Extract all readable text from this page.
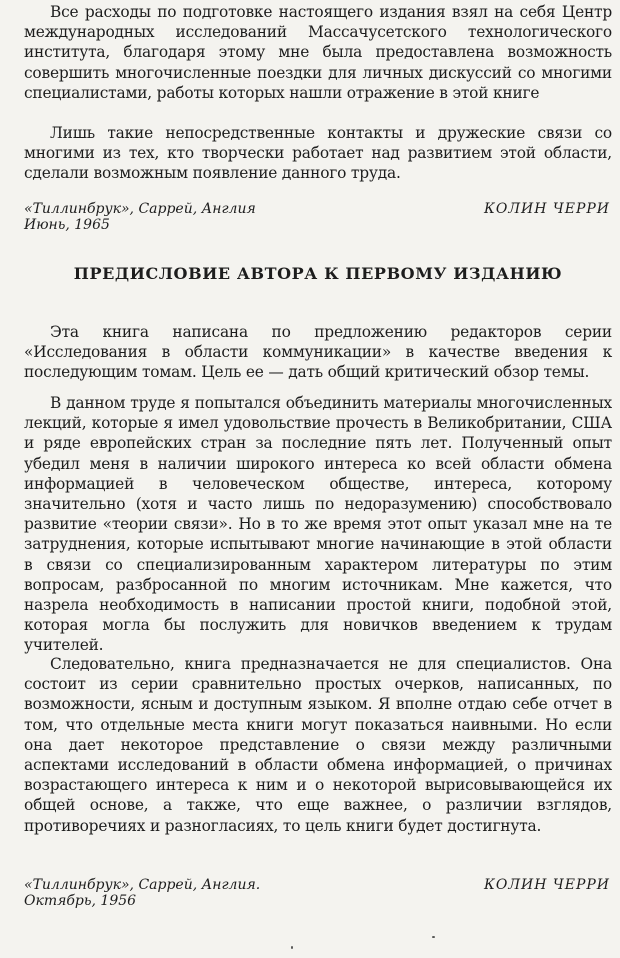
Все расходы по подготовке настоящего издания взял на себя Центр международных исследований Массачусетского технологического института, благодаря этому мне была предоставлена возможность совершить многочисленные поездки для личных дискуссий со многими специалистами, работы которых нашли отражение в этой книге

Лишь такие непосредственные контакты и дружеские связи со многими из тех, кто творчески работает над развитием этой области, сделали возможным появление данного труда.

«Тиллинбрук», Саррей, Англия
Июнь, 1965
КОЛИН ЧЕРРИ
ПРЕДИСЛОВИЕ АВТОРА К ПЕРВОМУ ИЗДАНИЮ

Эта книга написана по предложению редакторов серии «Исследования в области коммуникации» в качестве введения к последующим томам. Цель ее — дать общий критический обзор темы.

В данном труде я попытался объединить материалы многочисленных лекций, которые я имел удовольствие прочесть в Великобритании, США и ряде европейских стран за последние пять лет. Полученный опыт убедил меня в наличии широкого интереса ко всей области обмена информацией в человеческом обществе, интереса, которому значительно (хотя и часто лишь по недоразумению) способствовало развитие «теории связи». Но в то же время этот опыт указал мне на те затруднения, которые испытывают многие начинающие в этой области в связи со специализированным характером литературы по этим вопросам, разбросанной по многим источникам. Мне кажется, что назрела необходимость в написании простой книги, подобной этой, которая могла бы послужить для новичков введением к трудам учителей.

Следовательно, книга предназначается не для специалистов. Она состоит из серии сравнительно простых очерков, написанных, по возможности, ясным и доступным языком. Я вполне отдаю себе отчет в том, что отдельные места книги могут показаться наивными. Но если она дает некоторое представление о связи между различными аспектами исследований в области обмена информацией, о причинах возрастающего интереса к ним и о некоторой вырисовывающейся их общей основе, а также, что еще важнее, о различии взглядов, противоречиях и разногласиях, то цель книги будет достигнута.

«Тиллинбрук», Саррей, Англия.
Октябрь, 1956
КОЛИН ЧЕРРИ
